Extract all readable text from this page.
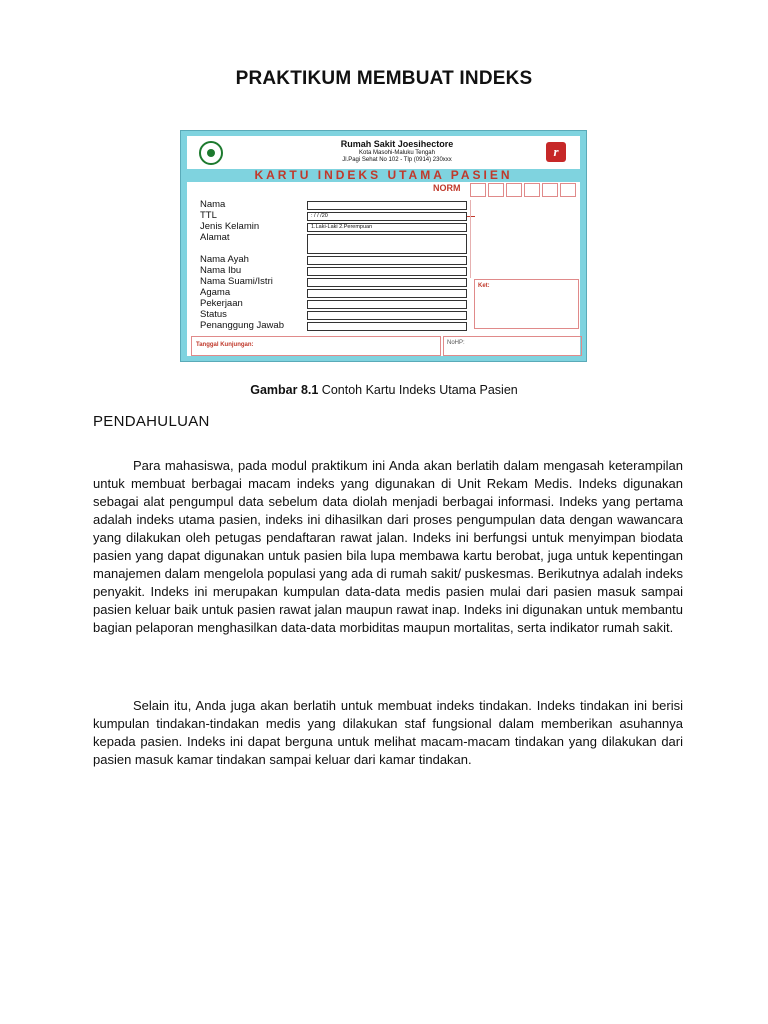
PRAKTIKUM MEMBUAT INDEKS
Rumah Sakit Joesihectore
Kota Masohi-Maluku Tengah
Jl.Pagi Sehat No 102 - Tlp (0914) 230xxx
r
KARTU INDEKS UTAMA PASIEN
NORM
Nama
TTL	: / / /20
Jenis Kelamin	1.Laki-Laki 2.Perempuan
Alamat
Nama Ayah
Nama Ibu
Nama Suami/Istri
Agama
Pekerjaan
Status
Penanggung Jawab
Ket:
Tanggal Kunjungan:	NoHP:
Gambar 8.1 Contoh Kartu Indeks Utama Pasien
PENDAHULUAN

Para mahasiswa, pada modul praktikum ini Anda akan berlatih dalam mengasah keterampilan untuk membuat berbagai macam indeks yang digunakan di Unit Rekam Medis. Indeks digunakan sebagai alat pengumpul data sebelum data diolah menjadi berbagai informasi. Indeks yang pertama adalah indeks utama pasien, indeks ini dihasilkan dari proses pengumpulan data dengan wawancara yang dilakukan oleh petugas pendaftaran rawat jalan. Indeks ini berfungsi untuk menyimpan biodata pasien yang dapat digunakan untuk pasien bila lupa membawa kartu berobat, juga untuk kepentingan manajemen dalam mengelola populasi yang ada di rumah sakit/ puskesmas. Berikutnya adalah indeks penyakit. Indeks ini merupakan kumpulan data-data medis pasien mulai dari pasien masuk sampai pasien keluar baik untuk pasien rawat jalan maupun rawat inap. Indeks ini digunakan untuk membantu bagian pelaporan menghasilkan data-data morbiditas maupun mortalitas, serta indikator rumah sakit.

Selain itu, Anda juga akan berlatih untuk membuat indeks tindakan. Indeks tindakan ini berisi kumpulan tindakan-tindakan medis yang dilakukan staf fungsional dalam memberikan asuhannya kepada pasien. Indeks ini dapat berguna untuk melihat macam-macam tindakan yang dilakukan dari pasien masuk kamar tindakan sampai keluar dari kamar tindakan.
